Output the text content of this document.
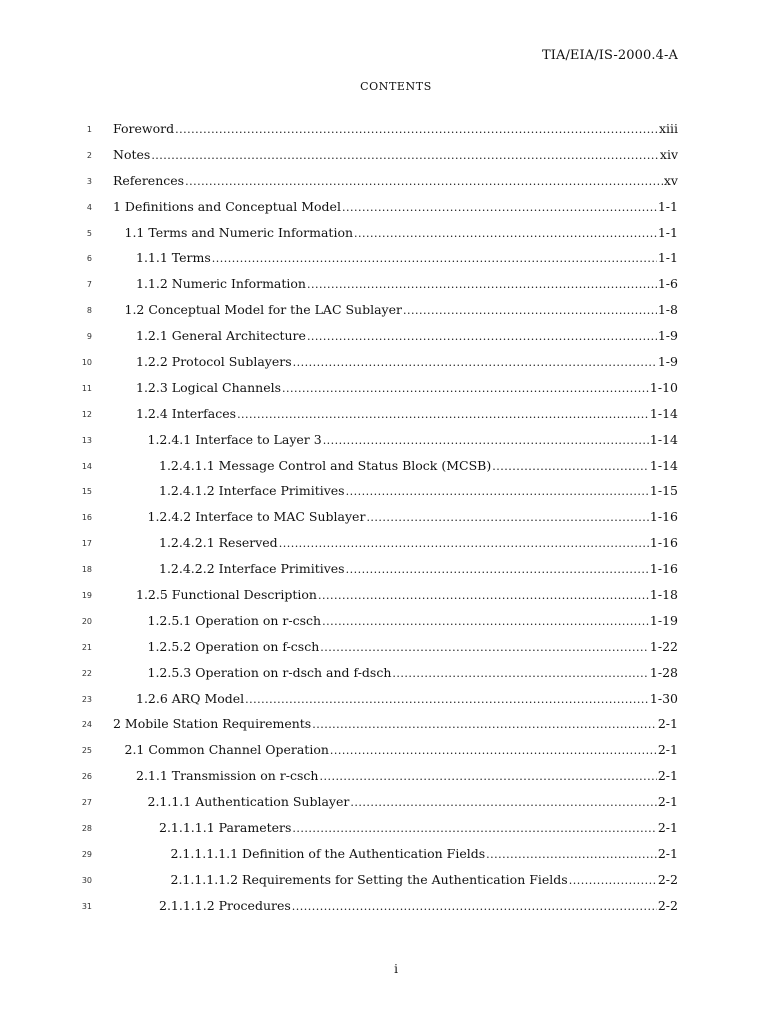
TIA/EIA/IS-2000.4-A
CONTENTS
1 Foreword .....	xiii
2 Notes .....	xiv
3 References .....	xv
4 1 Definitions and Conceptual Model .....	1-1
5	1.1 Terms and Numeric Information .....	1-1
6	1.1.1 Terms .....	1-1
7	1.1.2 Numeric Information .....	1-6
8	1.2 Conceptual Model for the LAC Sublayer .....	1-8
9	1.2.1 General Architecture .....	1-9
10	1.2.2 Protocol Sublayers .....	1-9
11	1.2.3 Logical Channels .....	1-10
12	1.2.4 Interfaces .....	1-14
13	1.2.4.1 Interface to Layer 3 .....	1-14
14	1.2.4.1.1 Message Control and Status Block (MCSB) .....	1-14
15	1.2.4.1.2 Interface Primitives .....	1-15
16	1.2.4.2 Interface to MAC Sublayer .....	1-16
17	1.2.4.2.1 Reserved .....	1-16
18	1.2.4.2.2 Interface Primitives .....	1-16
19	1.2.5 Functional Description .....	1-18
20	1.2.5.1 Operation on r-csch .....	1-19
21	1.2.5.2 Operation on f-csch .....	1-22
22	1.2.5.3 Operation on r-dsch and f-dsch .....	1-28
23	1.2.6 ARQ Model .....	1-30
24 2 Mobile Station Requirements .....	2-1
25	2.1 Common Channel Operation .....	2-1
26	2.1.1 Transmission on r-csch .....	2-1
27	2.1.1.1 Authentication Sublayer .....	2-1
28	2.1.1.1.1 Parameters .....	2-1
29	2.1.1.1.1.1 Definition of the Authentication Fields .....	2-1
30	2.1.1.1.1.2 Requirements for Setting the Authentication Fields .....	2-2
31	2.1.1.1.2 Procedures .....	2-2
i
